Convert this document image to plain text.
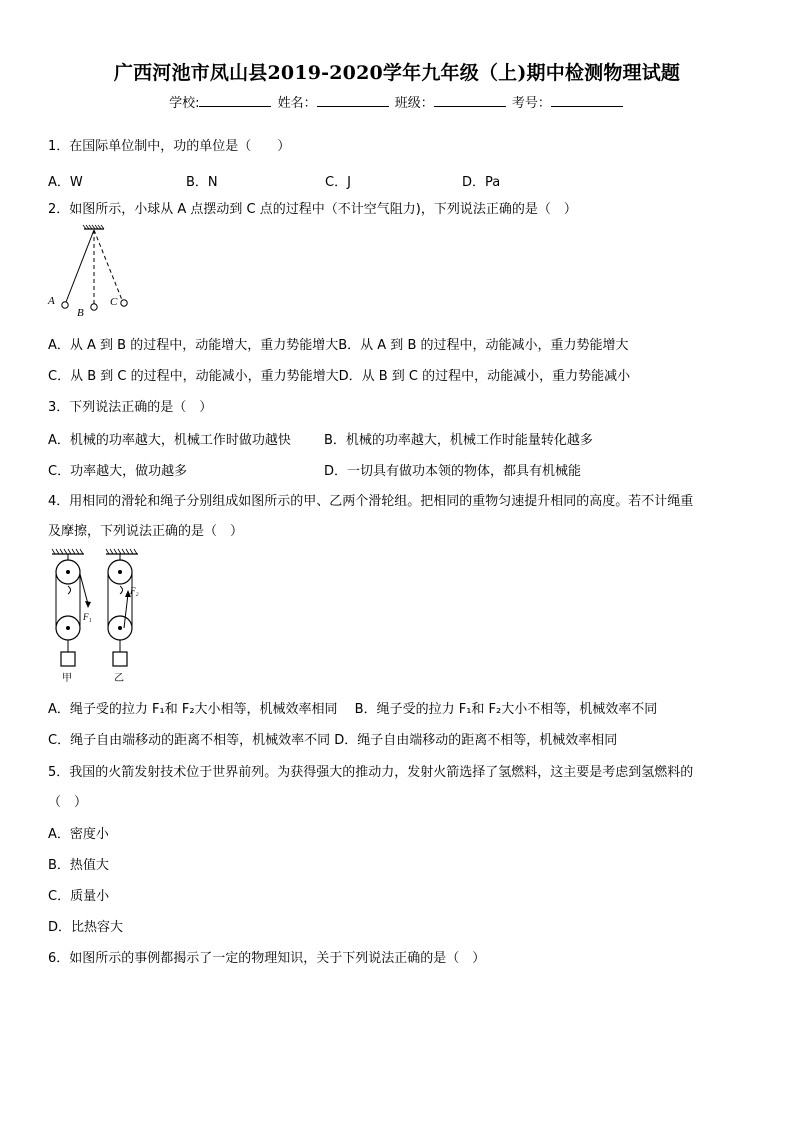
广西河池市凤山县2019-2020学年九年级（上)期中检测物理试题
学校:	姓名：	班级：	考号：
1．在国际单位制中，功的单位是（　　）
A．W	B．N	C．J	D．Pa
2．如图所示，小球从 A 点摆动到 C 点的过程中（不计空气阻力)，下列说法正确的是（　）
A
B
C
A．从 A 到 B 的过程中，动能增大，重力势能增大B．从 A 到 B 的过程中，动能减小，重力势能增大
C．从 B 到 C 的过程中，动能减小，重力势能增大D．从 B 到 C 的过程中，动能减小，重力势能减小
3．下列说法正确的是（　）
A．机械的功率越大，机械工作时做功越快	B．机械的功率越大，机械工作时能量转化越多
C．功率越大，做功越多	D．一切具有做功本领的物体，都具有机械能
4．用相同的滑轮和绳子分别组成如图所示的甲、乙两个滑轮组。把相同的重物匀速提升相同的高度。若不计绳重
及摩擦，下列说法正确的是（　）
F₁
甲
F₂
乙
A．绳子受的拉力 F₁和 F₂大小相等，机械效率相同　 B．绳子受的拉力 F₁和 F₂大小不相等，机械效率不同
C．绳子自由端移动的距离不相等，机械效率不同 D．绳子自由端移动的距离不相等，机械效率相同
5．我国的火箭发射技术位于世界前列。为获得强大的推动力，发射火箭选择了氢燃料，这主要是考虑到氢燃料的
（　）
A．密度小
B．热值大
C．质量小
D．比热容大
6．如图所示的事例都揭示了一定的物理知识，关于下列说法正确的是（　）
